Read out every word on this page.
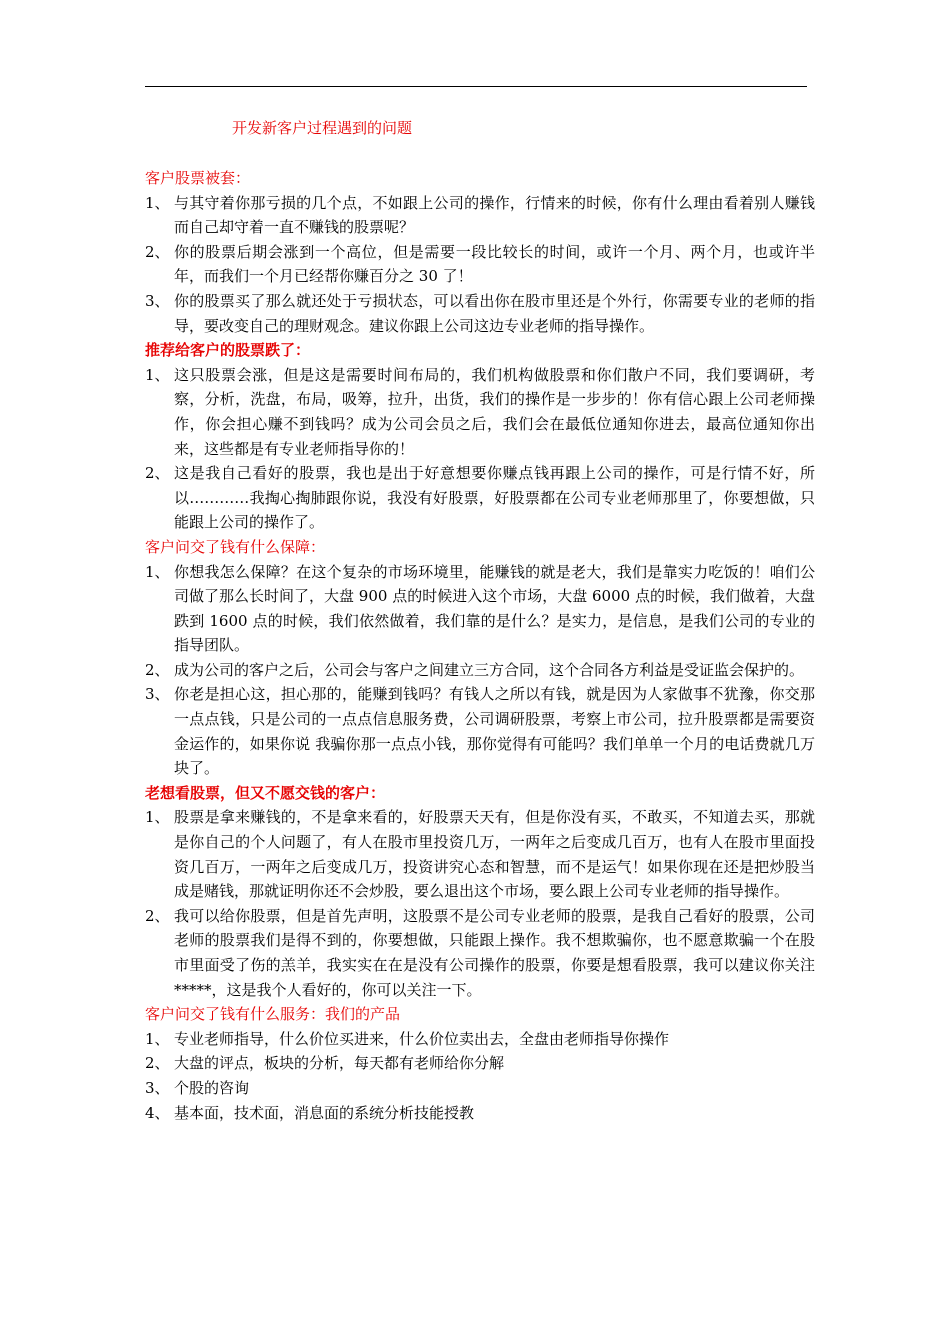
开发新客户过程遇到的问题
客户股票被套：
1、 与其守着你那亏损的几个点，不如跟上公司的操作，行情来的时候，你有什么理由看着别人赚钱而自己却守着一直不赚钱的股票呢？
2、 你的股票后期会涨到一个高位，但是需要一段比较长的时间，或许一个月、两个月，也或许半年，而我们一个月已经帮你赚百分之 30 了！
3、 你的股票买了那么就还处于亏损状态，可以看出你在股市里还是个外行，你需要专业的老师的指导，要改变自己的理财观念。建议你跟上公司这边专业老师的指导操作。
推荐给客户的股票跌了：
1、 这只股票会涨，但是这是需要时间布局的，我们机构做股票和你们散户不同，我们要调研，考察，分析，洗盘，布局，吸筹，拉升，出货，我们的操作是一步步的！你有信心跟上公司老师操作，你会担心赚不到钱吗？成为公司会员之后，我们会在最低位通知你进去，最高位通知你出来，这些都是有专业老师指导你的！
2、 这是我自己看好的股票，我也是出于好意想要你赚点钱再跟上公司的操作，可是行情不好，所以…………我掏心掏肺跟你说，我没有好股票，好股票都在公司专业老师那里了，你要想做，只能跟上公司的操作了。
客户问交了钱有什么保障：
1、 你想我怎么保障？在这个复杂的市场环境里，能赚钱的就是老大，我们是靠实力吃饭的！咱们公司做了那么长时间了，大盘 900 点的时候进入这个市场，大盘 6000 点的时候，我们做着，大盘跌到 1600 点的时候，我们依然做着，我们靠的是什么？是实力，是信息，是我们公司的专业的指导团队。
2、 成为公司的客户之后，公司会与客户之间建立三方合同，这个合同各方利益是受证监会保护的。
3、 你老是担心这，担心那的，能赚到钱吗？有钱人之所以有钱，就是因为人家做事不犹豫，你交那一点点钱，只是公司的一点点信息服务费，公司调研股票，考察上市公司，拉升股票都是需要资金运作的，如果你说 我骗你那一点点小钱，那你觉得有可能吗？我们单单一个月的电话费就几万块了。
老想看股票，但又不愿交钱的客户：
1、 股票是拿来赚钱的，不是拿来看的，好股票天天有，但是你没有买，不敢买，不知道去买，那就是你自己的个人问题了，有人在股市里投资几万，一两年之后变成几百万，也有人在股市里面投资几百万，一两年之后变成几万，投资讲究心态和智慧，而不是运气！如果你现在还是把炒股当成是赌钱，那就证明你还不会炒股，要么退出这个市场，要么跟上公司专业老师的指导操作。
2、 我可以给你股票，但是首先声明，这股票不是公司专业老师的股票，是我自己看好的股票，公司老师的股票我们是得不到的，你要想做，只能跟上操作。我不想欺骗你，也不愿意欺骗一个在股市里面受了伤的羔羊，我实实在在是没有公司操作的股票，你要是想看股票，我可以建议你关注*****，这是我个人看好的，你可以关注一下。
客户问交了钱有什么服务：我们的产品
1、 专业老师指导，什么价位买进来，什么价位卖出去，全盘由老师指导你操作
2、 大盘的评点，板块的分析，每天都有老师给你分解
3、 个股的咨询
4、 基本面，技术面，消息面的系统分析技能授教
